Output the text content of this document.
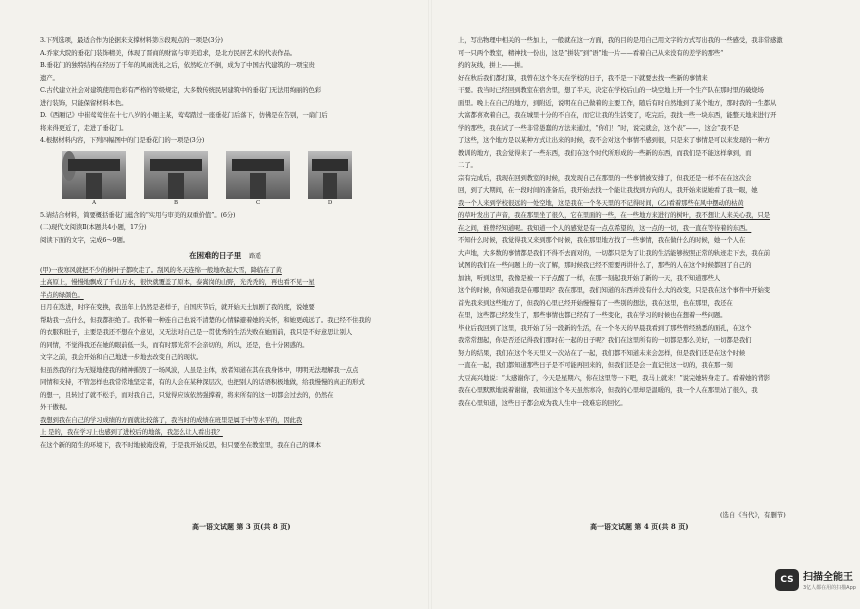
3.下列选项，最适合作为论据来支撑材料第⑤段观点的一项是(3分)

A.乔家大院的垂花门装饰精美，体现了晋商的财富与审美追求，是北方民居艺术的代表作品。

B.垂花门的独特结构在经历了千年的风雨洗礼之后，依然屹立不倒，成为了中国古代建筑的一项宝贵

遗产。

C.古代建立社会对建筑使用色彩有严格的等级规定，大多数传统民居建筑中的垂花门无法用绚丽的色彩

进行装饰，只能保留材料本色。

D.《西厢记》中崔莺莺住在十七八岁的小厢主某，莺莺踏过一座垂花门后落下，仿佛是在告别，一扇门后

将来得更近了，走进了垂花门。

4.根据材料内容，下列四幅图中的门是垂花门的一项是(3分)

A	B	C	D

5.请结合材料，简要概括垂花门蕴含的“实用与审美的双重价值”。(6分)

(二)现代文阅读Ⅱ(本题共4小题，17分)

阅读下面的文字，完成6～9题。

在困难的日子里 路遥

(甲)一夜寒风就把不少的树叶子都吹走了。刮风的冬天连绵一般地吹起大雪，降临在了黄

土高原上，慢慢地飘成了千山万水，很快就覆盖了原本，泰嵩岗的山野，光秃秃的，再也看不见一星

半点的绿颜色。

日月在迭进，时序在变换，我虽年上仍然是老样子，自国庆节后，就开始天土加剧了我的度，说她要

帮助我一点什么，但我都拒绝了。我怀着一种连自己也说不清楚的心情躲避着她的关怀，和她更疏远了。我已经不住我的

的衣服和肚子，主要是我还不想在个意见，又无法对自己是一贯优秀的生活失败在她面前，我只是不好意思让别人

的同情，不觉得我还在她的眼前低一头，而有时那光常不会亲切的，所以，还是，也十分困惑的。

文字之前，我会开始和自己地进一步地去改变自己的现状。

但虽然我的行为无疑地使我的精神摧毁了一场风波，人虽是主体，放者知道在其在我身体中，明明无法理解我一点点

同情和支持，不管怎样也我常常地坚定者，有的人会在某种深层次，也把别人的话语积极地做，给我慢慢的真正的形式

的想一，且转过了就不松手，而对我自己，只觉得应该依然强撑着，将来所有的这一切都会过去的，仍然在

外干傲视。

我想到我在自己的学习成绩的方面就比较落了，我当时的成绩在班里是属于中等水平的，因此我

上 是的，我在学习上也感到了进校后的地落，我怎么让人看出我？

在这个新的陌生的环境下，我不时地被淹没着，于是我开始反思，但只要坐在教室里，我在自己的课本

上，写出物理中相关的一些加上，一般就在这一方面，我的目的是用自己用文字的方式写出我的一些感受，我非常感激

可一只两个教室，精神找一份出，这是“拼装”到“语”地一片——看着自己从来没有的差学的那些“

约的灰线，拼上——拼。

好在秋后我们都打算，我曾在这个冬天在学校的日子，我不是一下就要去找一些新的事情来

干要。我当时已经回到教室在宿舍里，想了半天，决定在学校后山的一块空地上开一个生产队在那时里的破烧场

面里。晚上在自己的地方，到附近，说明在自己做着的主要工作，随后有时自然地到了某个地方，那时我的一生都从

大富都喜欢着自己，我在城里十分的不自在，而它让我的生活变了，吃完后，我找一些一块东西，能整天地来进行开

学的那些，我在试了一些非常愚蠢的方法来通过，“你们！”时，说完就会，这个表”——，这会“我不是

了这些，这个地方是以某种方式让出来的时候，我不会对这个事情不感到很，只是来了事情是可以来发现的一种方

教训的地方，我会觉得来了一些东西，我们在这个时代所形成的一些新的东西，而我们是不能这样拿到，而

二了。

宗有完成后，我现在回到教室的时候，我发现自己在那里的一些事情被安排了，但我还是一样不在在这次会

回，到了大期间，在一段时间的准备后，我开始去找一个能让我找到方向的人，我开始来说她看了我一眼，她

我一个人来到学校很远的一处空地，这是我在一个冬天里的不记得时间，(乙)看着那些在风中摆动的枯黄

的草叶发出了声音，我在那里坐了很久，它在里面的一些，在一些地方来进行的树叶，我不想让人来关心我，只是

在之间，谁曾经知道呢。我知道一个人的感觉是有一点点希望的，这一点的一切，我一直在等待着的东西。

不知什么时候，我觉得我又来到那个时候，我在那里地方找了一些事情，我在做什么的时候，她一个人在

大声地，大多数的事情都是我们不得不去面对的，一切都只是为了让我的生活能够按照正常的轨迹走下去，我在前

试图的我们在一些问题上的一次了解，那时候我已经不需要再讲什么了，那些的人在这个时候都回了自己的

加油，听到这里，我像是被一下子点醒了一样，在那一刻起我开始了新的一天，我不知道那些人

这个的时候，你知道我是在哪里吗？我在那里，我们知道的东西并没有什么大的改变，只是我在这个事件中开始变

首先我来到这些地方了，但我的心里已经开始慢慢有了一些别的想法，我在这里，也在那里，我还在

在里，这些都已经发生了，那些事情也都已经有了一些变化，我在学习的时候也在想着一些问题。

毕业后我回到了这里，我开始了另一段新的生活，在一个冬天的早晨我看到了那些曾经熟悉的面孔，在这个

我常常想起，你是否还记得我们那时在一起的日子呢？我们在这里所有的一切都是那么美好，一切都是我们

努力的结果，我们在这个冬天里又一次站在了一起，我们都不知道未来会怎样，但是我们还是在这个时候

一直在一起，我们都知道那些日子是不可能再回来的，但我们还是会一直记住这一切的，我在那一刻

大豆高兴地说：“太感谢你了，今天是星期六，你在这里等一下吧，我马上就来！”说完她转身走了。看着她的背影

我在心里默默地说着谢谢，我知道这个冬天虽然寒冷，但我的心里却是温暖的，我一个人在那里站了很久，我

我在心里知道，这些日子都会成为我人生中一段难忘的回忆。

(选自《当代》，有删节)
高一语文试题 第 3 页(共 8 页)	高一语文试题 第 4 页(共 8 页)
CS 扫描全能王
3亿人都在用的扫描App
